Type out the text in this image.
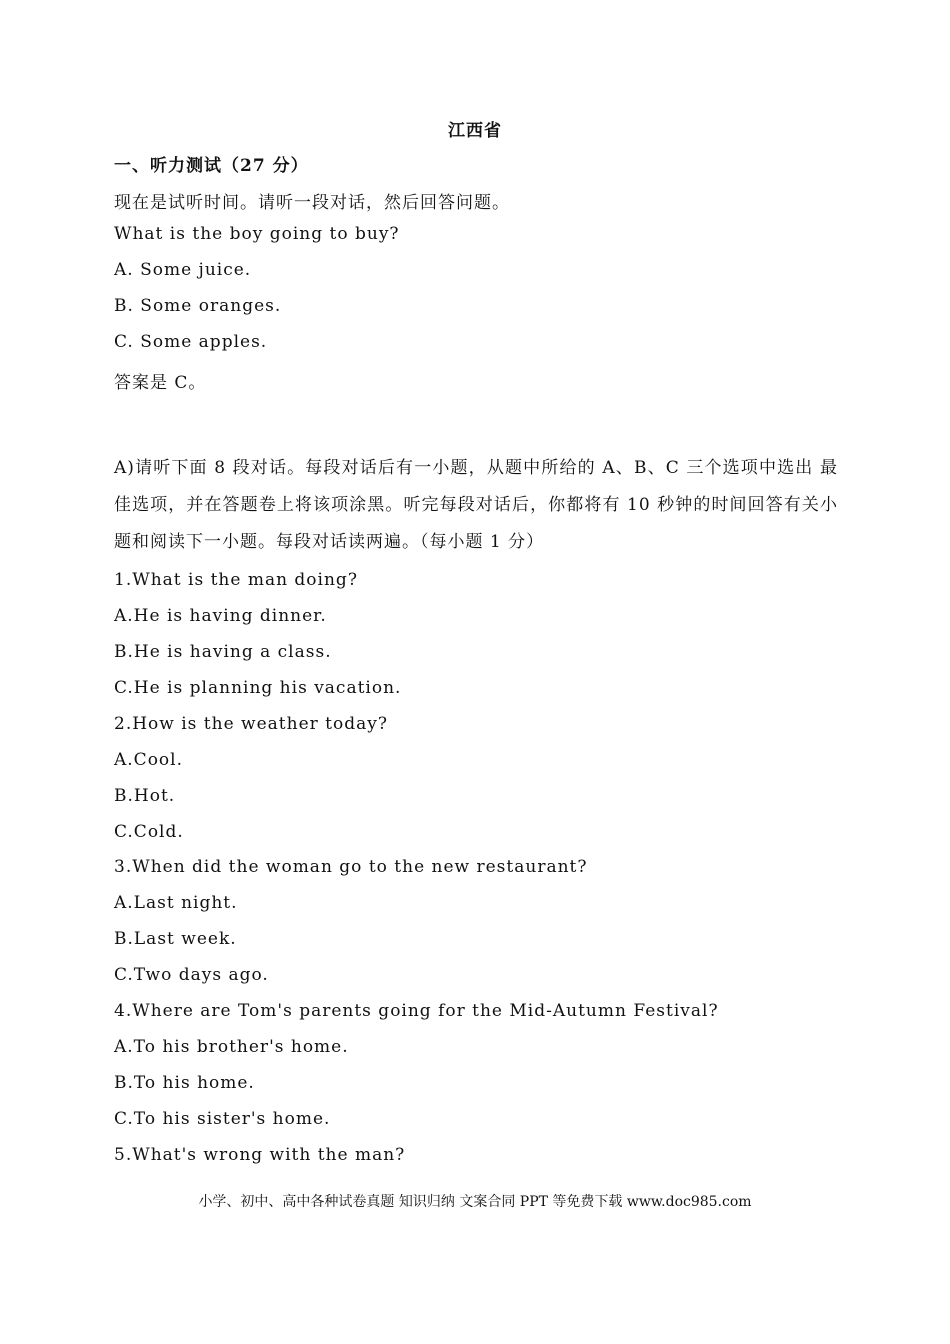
江西省
一、听力测试（27 分）
现在是试听时间。请听一段对话，然后回答问题。
What is the boy going to buy?
A. Some juice.
B. Some oranges.
C. Some apples.
答案是 C。
A)请听下面 8 段对话。每段对话后有一小题，从题中所给的 A、B、C 三个选项中选出 最佳选项，并在答题卷上将该项涂黑。听完每段对话后，你都将有 10 秒钟的时间回答有关小题和阅读下一小题。每段对话读两遍。（每小题 1 分）
1.What is the man doing?
A.He is having dinner.
B.He is having a class.
C.He is planning his vacation.
2.How is the weather today?
A.Cool.
B.Hot.
C.Cold.
3.When did the woman go to the new restaurant?
A.Last night.
B.Last week.
C.Two days ago.
4.Where are Tom's parents going for the Mid-Autumn Festival?
A.To his brother's home.
B.To his home.
C.To his sister's home.
5.What's wrong with the man?
小学、初中、高中各种试卷真题 知识归纳 文案合同 PPT 等免费下载 www.doc985.com
